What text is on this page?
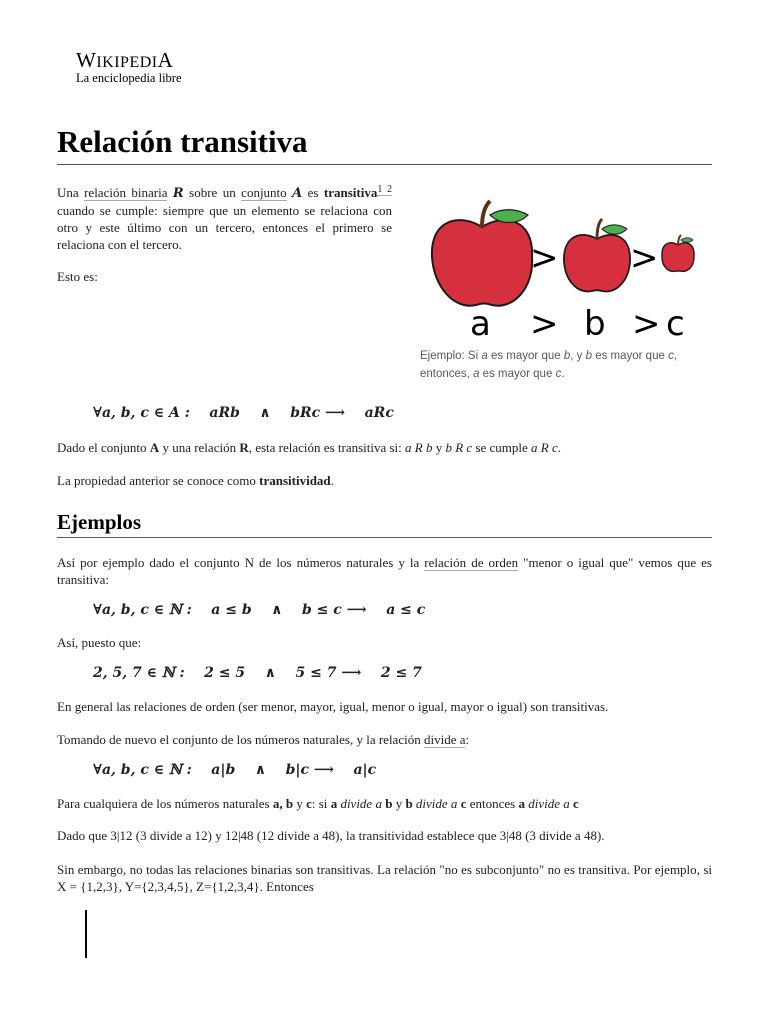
WIKIPEDIA
La enciclopedia libre
Relación transitiva

Una relación binaria R sobre un conjunto A es transitiva$^{1 2}$ cuando se cumple: siempre que un elemento se relaciona con otro y este último con un tercero, entonces el primero se relaciona con el tercero.

Esto es:	> >
a > b > c

Ejemplo: Si a es mayor que b, y b es mayor que c, entonces, a es mayor que c.

∀a, b, c ∈ A :    aRb    ∧    bRc ⟶    aRc

Dado el conjunto A y una relación R, esta relación es transitiva si: a R b y b R c se cumple a R c.

La propiedad anterior se conoce como transitividad.

Ejemplos

Así por ejemplo dado el conjunto N de los números naturales y la relación de orden "menor o igual que" vemos que es transitiva:

∀a, b, c ∈ ℕ :    a ≤ b    ∧    b ≤ c ⟶    a ≤ c

Así, puesto que:

2, 5, 7 ∈ ℕ :    2 ≤ 5    ∧    5 ≤ 7 ⟶    2 ≤ 7

En general las relaciones de orden (ser menor, mayor, igual, menor o igual, mayor o igual) son transitivas.

Tomando de nuevo el conjunto de los números naturales, y la relación divide a:

∀a, b, c ∈ ℕ :    a|b    ∧    b|c ⟶    a|c

Para cualquiera de los números naturales a, b y c: si a divide a b y b divide a c entonces a divide a c

Dado que 3|12 (3 divide a 12) y 12|48 (12 divide a 48), la transitividad establece que 3|48 (3 divide a 48).

Sin embargo, no todas las relaciones binarias son transitivas. La relación "no es subconjunto" no es transitiva. Por ejemplo, si X = {1,2,3}, Y={2,3,4,5}, Z={1,2,3,4}. Entonces
